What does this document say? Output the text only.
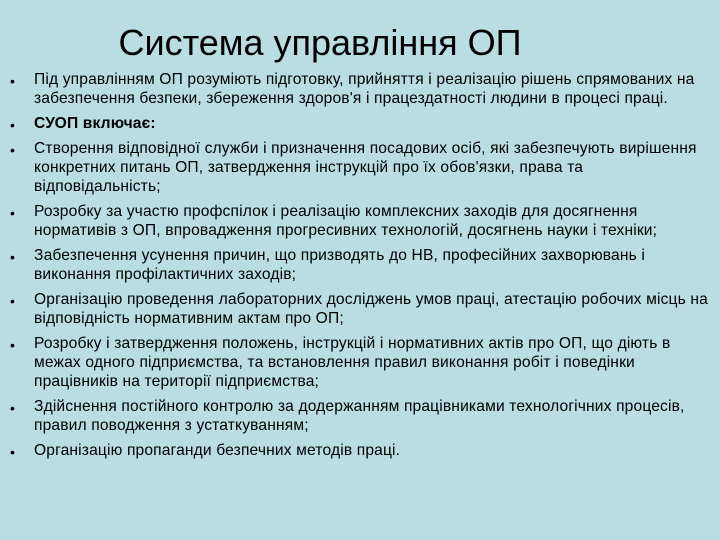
Система управління ОП
• Під управлінням ОП розуміють підготовку, прийняття і реалізацію рішень спрямованих на забезпечення безпеки, збереження здоров'я і працездатності людини в процесі праці.
• СУОП включає:
• Створення відповідної служби і призначення посадових осіб, які забезпечують вирішення конкретних питань ОП, затвердження інструкцій про їх обов'язки, права та відповідальність;
• Розробку за участю профспілок і реалізацію комплексних заходів для досягнення нормативів з ОП, впровадження прогресивних технологій, досягнень науки і техніки;
• Забезпечення усунення причин, що призводять до НВ, професійних захворювань і виконання профілактичних заходів;
• Організацію проведення лабораторних досліджень умов праці, атестацію робочих місць на відповідність нормативним актам про ОП;
• Розробку і затвердження положень, інструкцій і нормативних актів про ОП, що діють в межах одного підприємства, та встановлення правил виконання робіт і поведінки працівників на території підприємства;
• Здійснення постійного контролю за додержанням працівниками технологічних процесів, правил поводження з устаткуванням;
• Організацію пропаганди безпечних методів праці.
